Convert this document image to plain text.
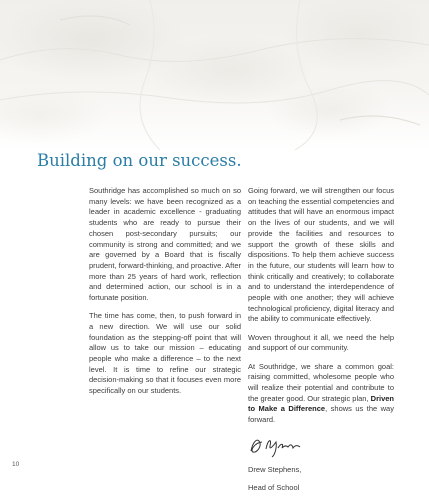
Building on our success.

Southridge has accomplished so much on so many levels: we have been recognized as a leader in academic excellence - graduating students who are ready to pursue their chosen post-secondary pursuits; our community is strong and committed; and we are governed by a Board that is fiscally prudent, forward-thinking, and proactive. After more than 25 years of hard work, reflection and determined action, our school is in a fortunate position.

The time has come, then, to push forward in a new direction. We will use our solid foundation as the stepping-off point that will allow us to take our mission – educating people who make a difference – to the next level. It is time to refine our strategic decision-making so that it focuses even more specifically on our students.

Going forward, we will strengthen our focus on teaching the essential competencies and attitudes that will have an enormous impact on the lives of our students, and we will provide the facilities and resources to support the growth of these skills and dispositions. To help them achieve success in the future, our students will learn how to think critically and creatively; to collaborate and to understand the interdependence of people with one another; they will achieve technological proficiency, digital literacy and the ability to communicate effectively.

Woven throughout it all, we need the help and support of our community.

At Southridge, we share a common goal: raising committed, wholesome people who will realize their potential and contribute to the greater good. Our strategic plan, Driven to Make a Difference, shows us the way forward.

Drew Stephens,

Head of School

10
